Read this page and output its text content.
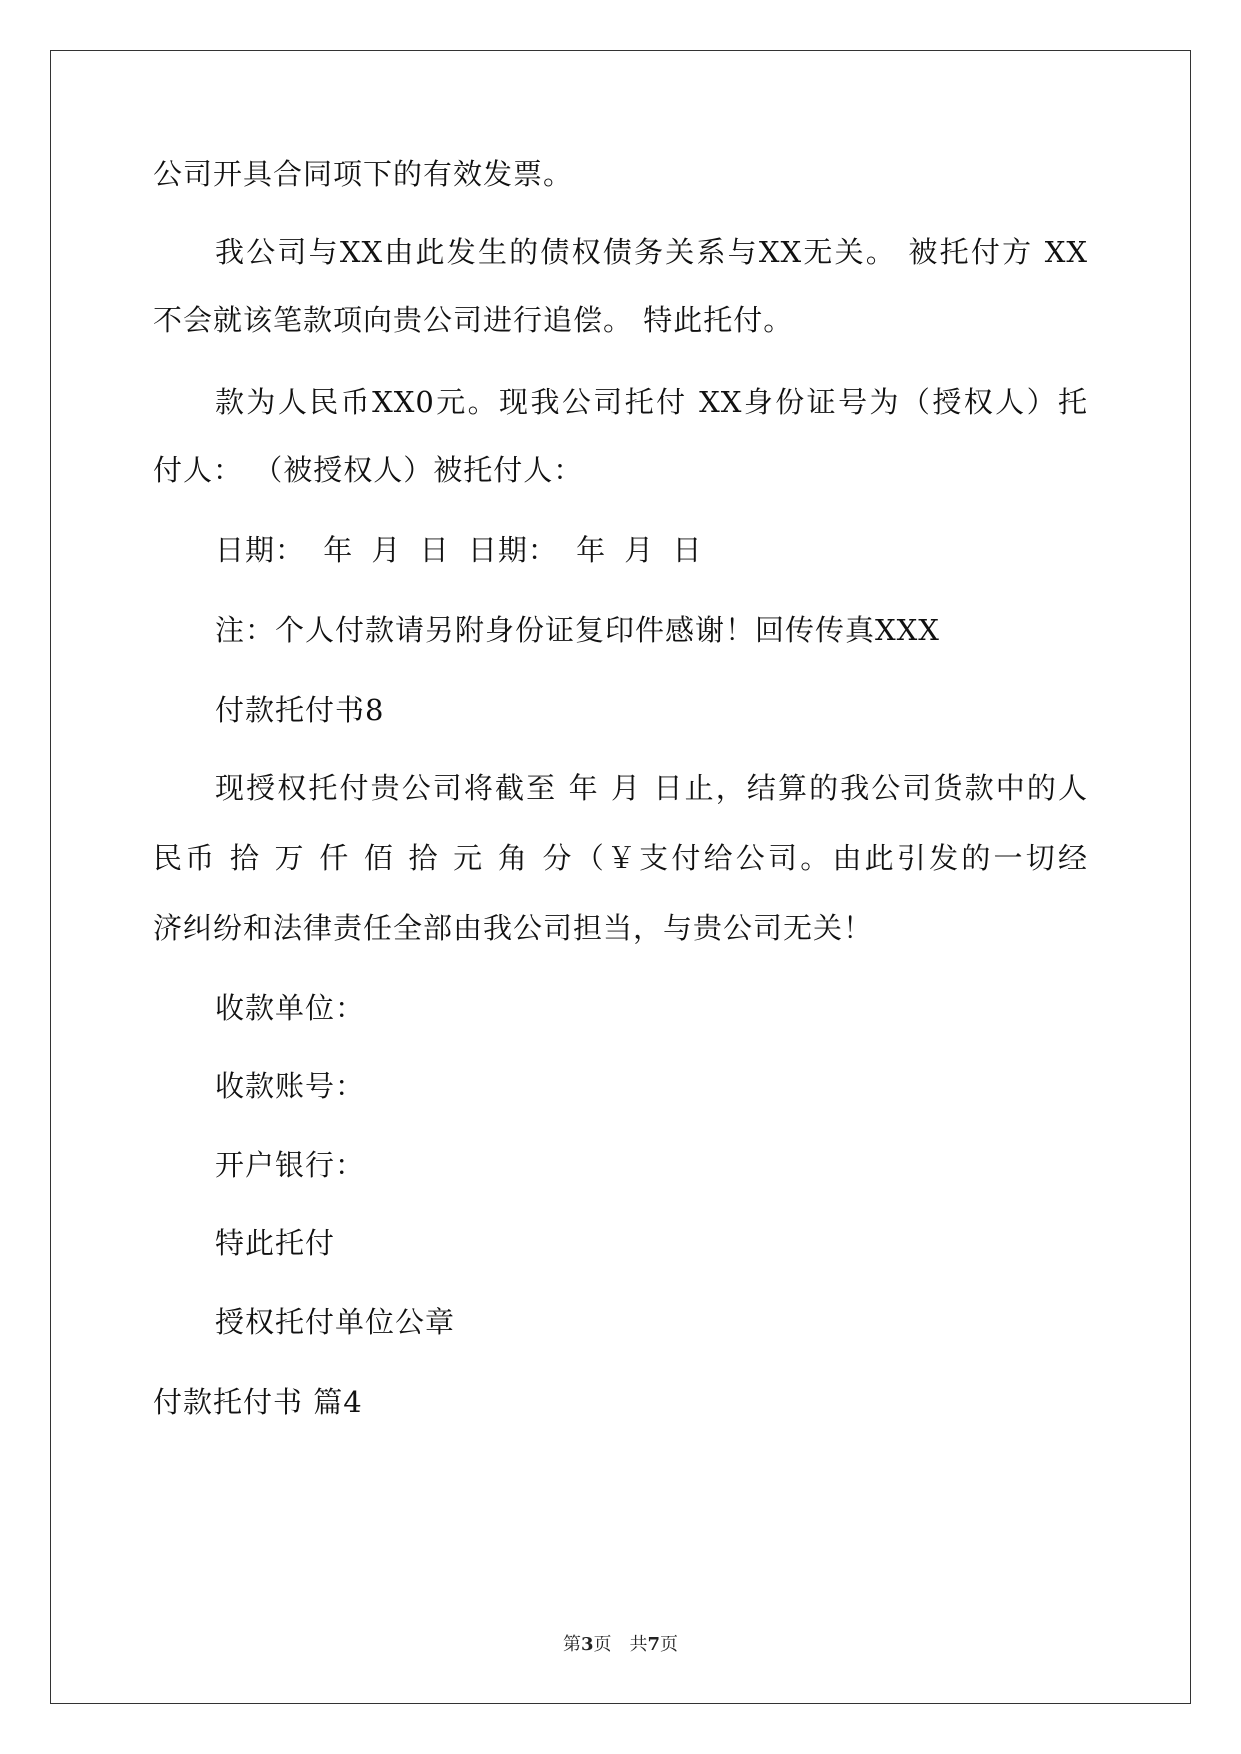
公司开具合同项下的有效发票。
我公司与XX由此发生的债权债务关系与XX无关。 被托付方 XX
不会就该笔款项向贵公司进行追偿。 特此托付。
款为人民币XX0元。现我公司托付 XX身份证号为（授权人）托
付人： （被授权人）被托付人：
日期： 年 月 日 日期： 年 月 日
注：个人付款请另附身份证复印件感谢！回传传真XXX
付款托付书8
现授权托付贵公司将截至 年 月 日止，结算的我公司货款中的人
民币 拾 万 仟 佰 拾 元 角 分（￥支付给公司。由此引发的一切经
济纠纷和法律责任全部由我公司担当，与贵公司无关！
收款单位：
收款账号：
开户银行：
特此托付
授权托付单位公章
付款托付书 篇4
第3页 共7页
